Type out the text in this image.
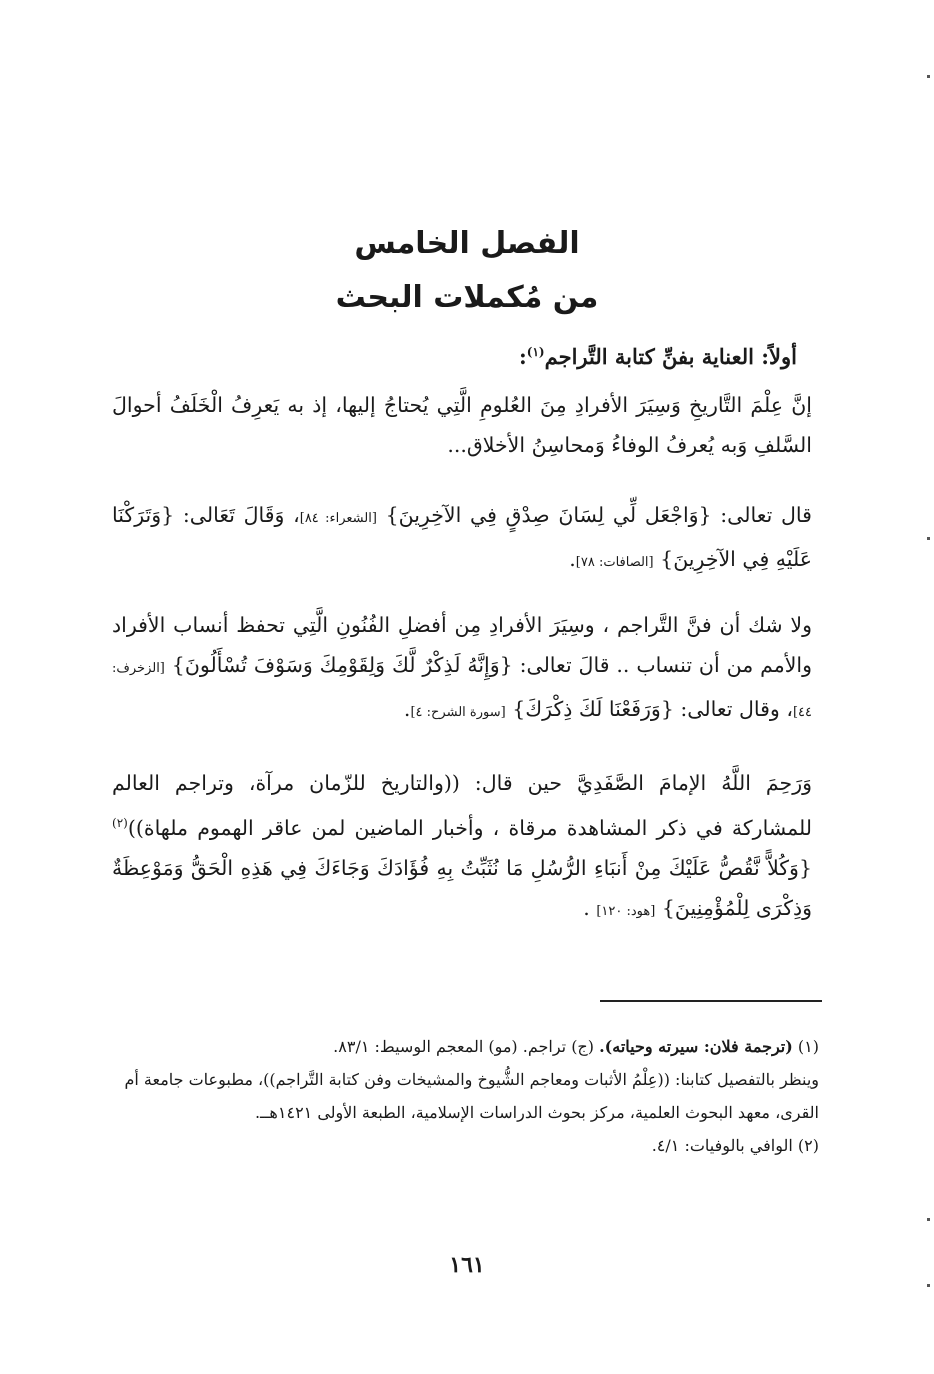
الفصل الخامس
من مُكملات البحث
أولاً: العناية بفنِّ كتابة التَّراجم$^{(١)}$:
إنَّ عِلْمَ التَّاريخِ وَسِيَرَ الأفرادِ مِنَ العُلومِ الَّتِي يُحتاجُ إليها، إذ به يَعرِفُ الْخَلَفُ أحوالَ السَّلفِ وَبه يُعرفُ الوفاءُ وَمحاسِنُ الأخلاق...
قال تعالى: {وَاجْعَل لِّي لِسَانَ صِدْقٍ فِي الآخِرِينَ} [الشعراء: ٨٤]، وَقَالَ تَعَالى: {وَتَرَكْنَا عَلَيْهِ فِي الآخِرِينَ} [الصافات: ٧٨].
ولا شك أن فنَّ التَّراجم ، وسِيَرَ الأفرادِ مِن أفضلِ الفُنُونِ الَّتِي تحفظ أنساب الأفراد والأمم من أن تنساب .. قالَ تعالى: {وَإِنَّهُ لَذِكْرٌ لَّكَ وَلِقَوْمِكَ وَسَوْفَ تُسْأَلُونَ} [الزخرف: ٤٤]، وقال تعالى: {وَرَفَعْنَا لَكَ ذِكْرَكَ} [سورة الشرح: ٤].
وَرَحِمَ اللَّهُ الإمامَ الصَّفَدِيَّ حين قال: ((والتاريخ للزّمان مرآة، وتراجم العالم للمشاركة في ذكر المشاهدة مرقاة ، وأخبار الماضين لمن عاقر الهموم ملهاة))$^{(٢)}$ {وَكُلاًّ نَّقُصُّ عَلَيْكَ مِنْ أَنبَاءِ الرُّسُلِ مَا نُثَبِّتُ بِهِ فُؤَادَكَ وَجَاءَكَ فِي هَذِهِ الْحَقُّ وَمَوْعِظَةٌ وَذِكْرَى لِلْمُؤْمِنِينَ} [هود: ١٢٠] .
(١) (ترجمة فلان: سيرته وحياته). (ج) تراجم. (مو) المعجم الوسيط: ٨٣/١.
وينظر بالتفصيل كتابنا: ((عِلْمُ الأثبات ومعاجم الشُّيوخ والمشيخات وفن كتابة التَّراجم))، مطبوعات جامعة أم القرى، معهد البحوث العلمية، مركز بحوث الدراسات الإسلامية، الطبعة الأولى ١٤٢١هــ.
(٢) الوافي بالوفيات: ٤/١.
١٦١
